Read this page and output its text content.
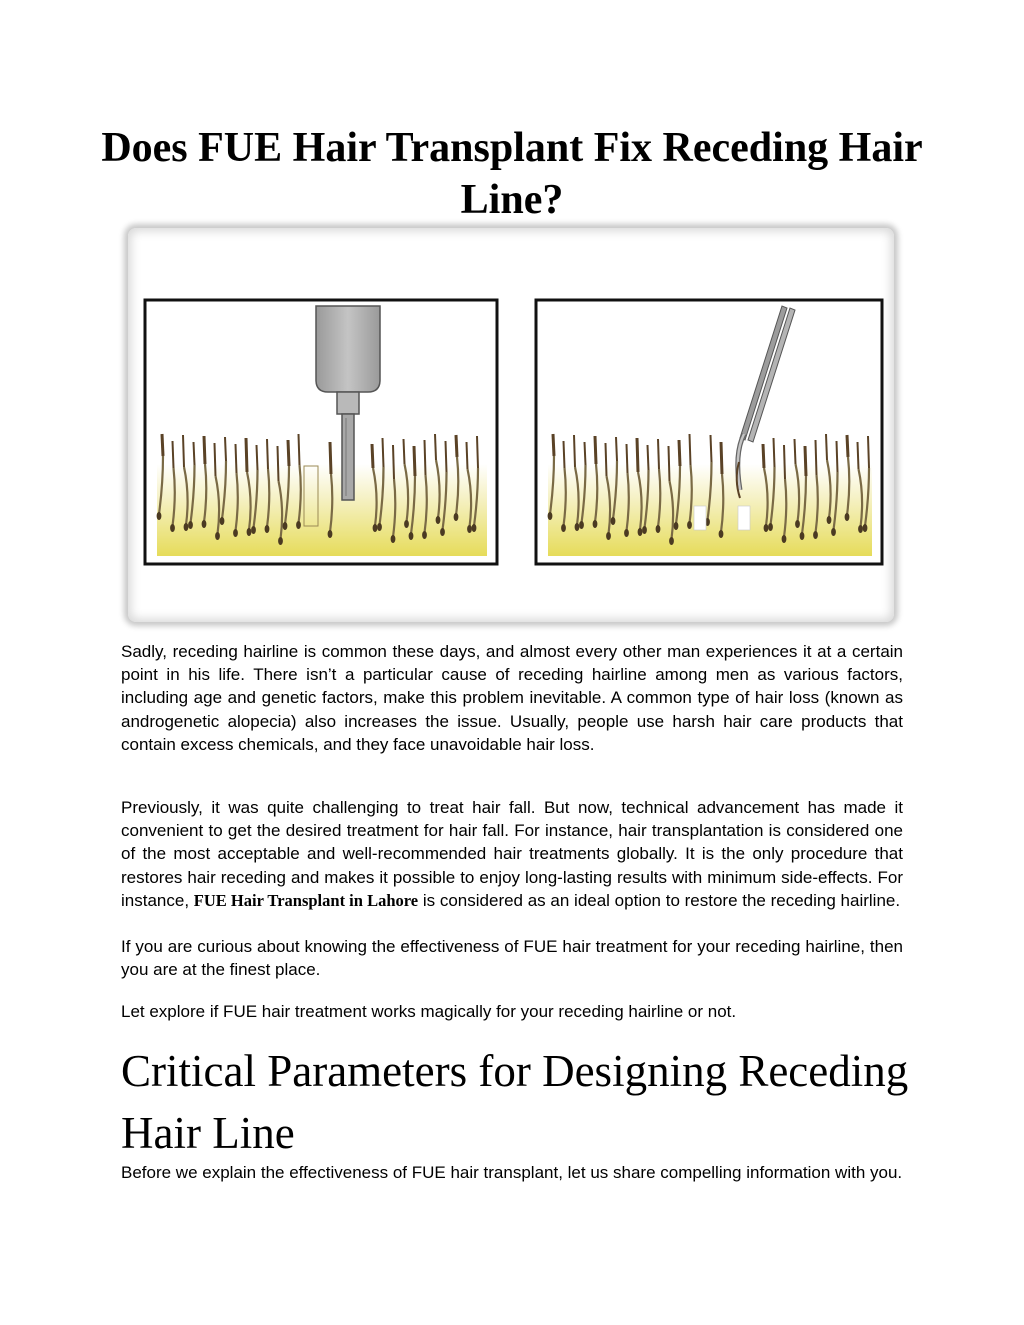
Does FUE Hair Transplant Fix Receding Hair Line?

Sadly, receding hairline is common these days, and almost every other man experiences it at a certain point in his life. There isn’t a particular cause of receding hairline among men as various factors, including age and genetic factors, make this problem inevitable. A common type of hair loss (known as androgenetic alopecia) also increases the issue. Usually, people use harsh hair care products that contain excess chemicals, and they face unavoidable hair loss.

Previously, it was quite challenging to treat hair fall. But now, technical advancement has made it convenient to get the desired treatment for hair fall. For instance, hair transplantation is considered one of the most acceptable and well-recommended hair treatments globally. It is the only procedure that restores hair receding and makes it possible to enjoy long-lasting results with minimum side-effects. For instance, FUE Hair Transplant in Lahore is considered as an ideal option to restore the receding hairline.

If you are curious about knowing the effectiveness of FUE hair treatment for your receding hairline, then you are at the finest place.

Let explore if FUE hair treatment works magically for your receding hairline or not.

Critical Parameters for Designing Receding Hair Line

Before we explain the effectiveness of FUE hair transplant, let us share compelling information with you.
